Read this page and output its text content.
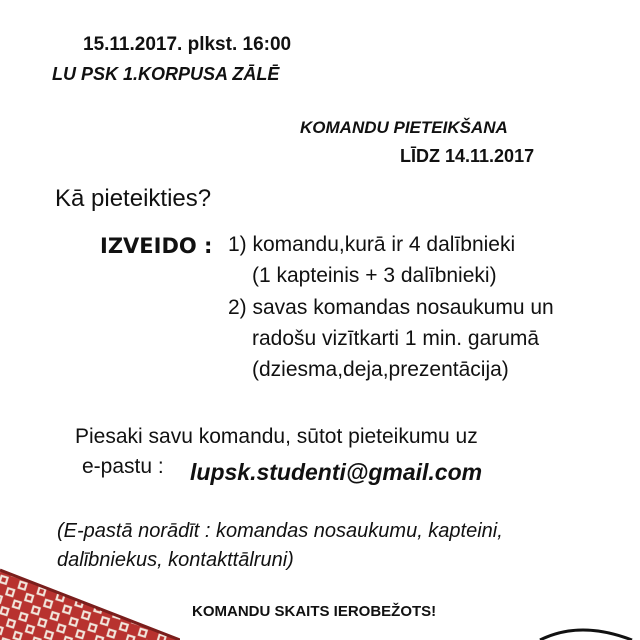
15.11.2017. plkst. 16:00
LU PSK 1.KORPUSA ZĀLĒ
KOMANDU PIETEIKŠANA
LĪDZ 14.11.2017
Kā pieteikties?
IZVEIDO : 1) komandu,kurā ir 4 dalībnieki
(1 kapteinis + 3 dalībnieki)
2) savas komandas nosaukumu un
radošu vizītkarti 1 min. garumā
(dziesma,deja,prezentācija)
Piesaki savu komandu, sūtot pieteikumu uz
e-pastu : lupsk.studenti@gmail.com
(E-pastā norādīt : komandas nosaukumu, kapteini,
dalībniekus, kontakttālruni)
KOMANDU SKAITS IEROBEŽOTS!
